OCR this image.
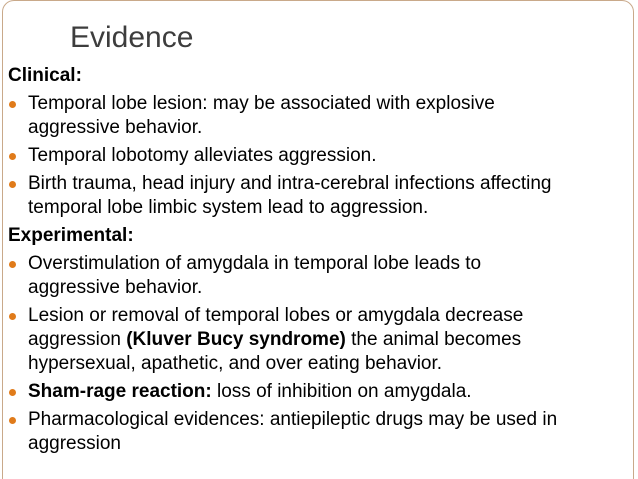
Evidence
Clinical:
Temporal lobe lesion: may be associated with explosive
aggressive behavior.
Temporal lobotomy alleviates aggression.
Birth trauma, head injury and intra-cerebral infections affecting
temporal lobe limbic system lead to aggression.
Experimental:
Overstimulation of amygdala in temporal lobe leads to
aggressive behavior.
Lesion or removal of temporal lobes or amygdala decrease
aggression (Kluver Bucy syndrome) the animal becomes
hypersexual, apathetic, and over eating behavior.
Sham-rage reaction: loss of inhibition on amygdala.
Pharmacological evidences: antiepileptic drugs may be used in
aggression
